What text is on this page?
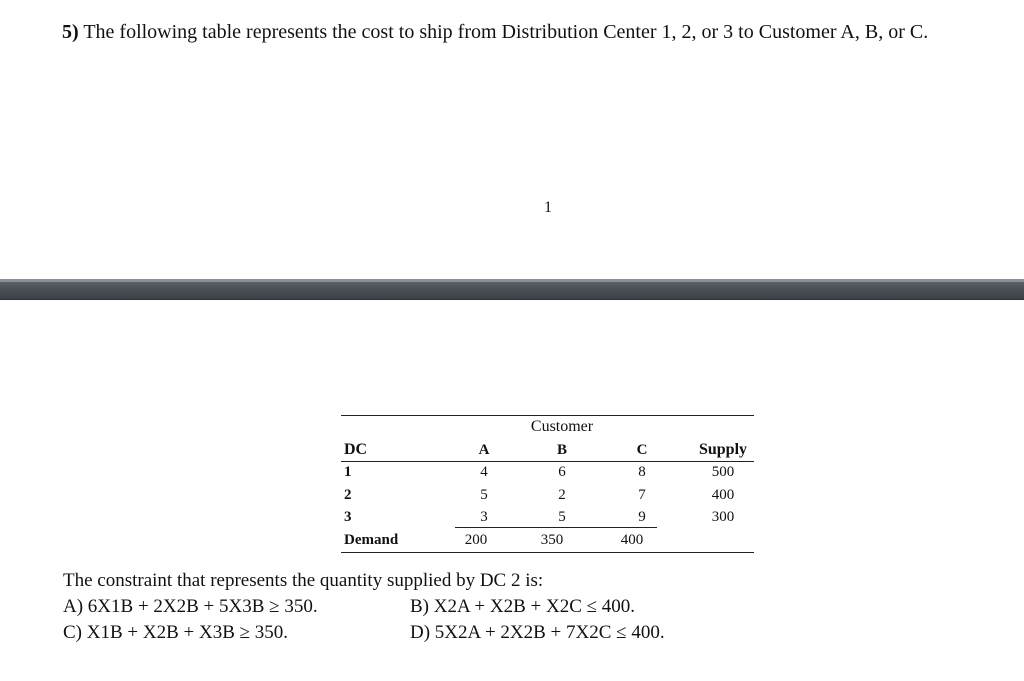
5) The following table represents the cost to ship from Distribution Center 1, 2, or 3 to Customer A, B, or C.
1
Customer
DC	A	B	C	Supply
1	4	6	8	500
2	5	2	7	400
3	3	5	9	300
Demand	200	350	400
The constraint that represents the quantity supplied by DC 2 is:
A) 6X1B + 2X2B + 5X3B ≥ 350.	B) X2A + X2B + X2C ≤ 400.
C) X1B + X2B + X3B ≥ 350.	D) 5X2A + 2X2B + 7X2C ≤ 400.
